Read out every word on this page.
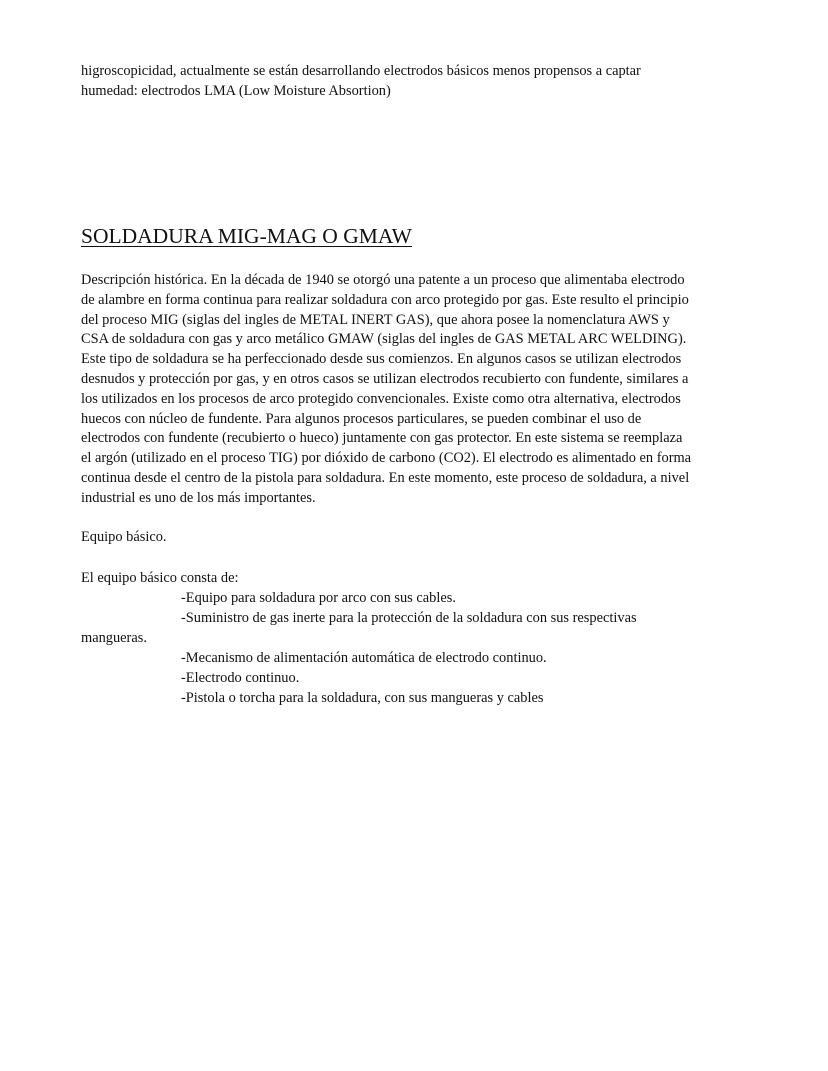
higroscopicidad, actualmente se están desarrollando electrodos básicos menos propensos a captar

humedad: electrodos LMA (Low Moisture Absortion)

SOLDADURA MIG-MAG O GMAW

Descripción histórica. En la década de 1940 se otorgó una patente a un proceso que alimentaba electrodo

de alambre en forma continua para realizar soldadura con arco protegido por gas. Este resulto el principio

del proceso MIG (siglas del ingles de METAL INERT GAS), que ahora posee la nomenclatura AWS y

CSA de soldadura con gas y arco metálico GMAW (siglas del ingles de GAS METAL ARC WELDING).

Este tipo de soldadura se ha perfeccionado desde sus comienzos. En algunos casos se utilizan electrodos

desnudos y protección por gas, y en otros casos se utilizan electrodos recubierto con fundente, similares a

los utilizados en los procesos de arco protegido convencionales. Existe como otra alternativa, electrodos

huecos con núcleo de fundente. Para algunos procesos particulares, se pueden combinar el uso de

electrodos con fundente (recubierto o hueco) juntamente con gas protector. En este sistema se reemplaza

el argón (utilizado en el proceso TIG) por dióxido de carbono (CO2). El electrodo es alimentado en forma

continua desde el centro de la pistola para soldadura. En este momento, este proceso de soldadura, a nivel

industrial es uno de los más importantes.

Equipo básico.

El equipo básico consta de:

-Equipo para soldadura por arco con sus cables.

-Suministro de gas inerte para la protección de la soldadura con sus respectivas

mangueras.

-Mecanismo de alimentación automática de electrodo continuo.

-Electrodo continuo.

-Pistola o torcha para la soldadura, con sus mangueras y cables
